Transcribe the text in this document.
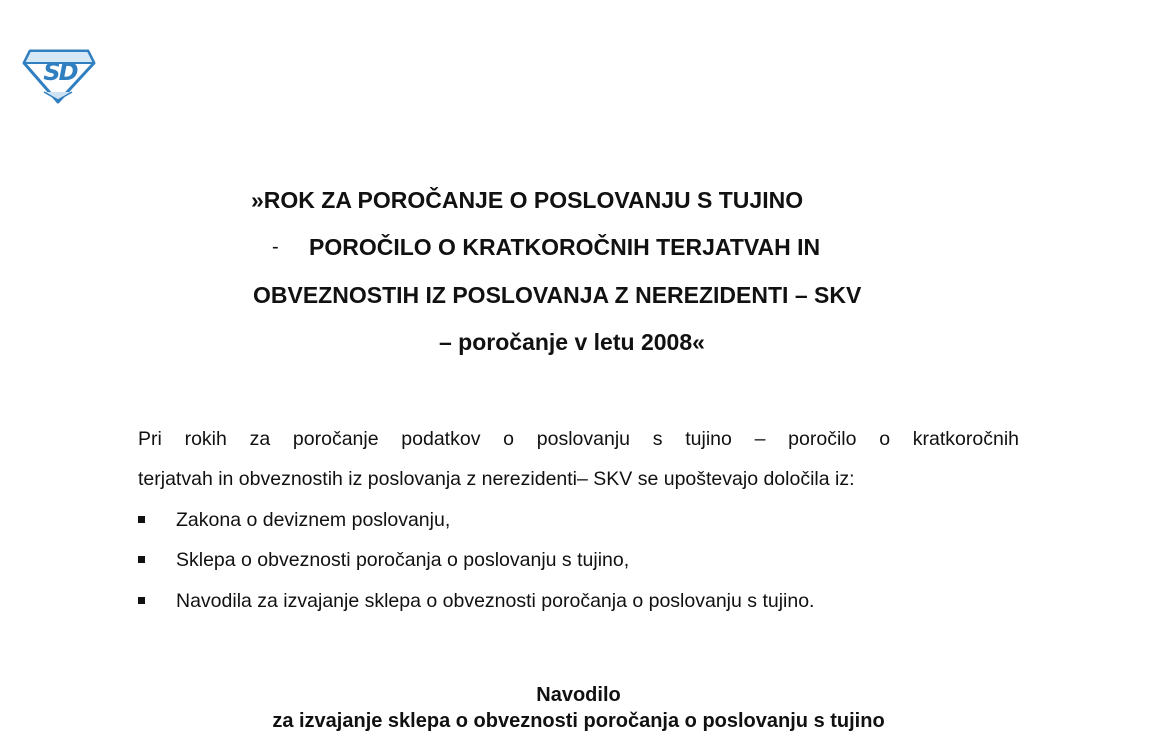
SD
»ROK ZA POROČANJE O POSLOVANJU S TUJINO
- POROČILO O KRATKOROČNIH TERJATVAH IN
OBVEZNOSTIH IZ POSLOVANJA Z NEREZIDENTI – SKV
– poročanje v letu 2008«
Pri rokih za poročanje podatkov o poslovanju s tujino – poročilo o kratkoročnih
terjatvah in obveznostih iz poslovanja z nerezidenti– SKV se upoštevajo določila iz:
Zakona o deviznem poslovanju,
Sklepa o obveznosti poročanja o poslovanju s tujino,
Navodila za izvajanje sklepa o obveznosti poročanja o poslovanju s tujino.
Navodilo
za izvajanje sklepa o obveznosti poročanja o poslovanju s tujino
